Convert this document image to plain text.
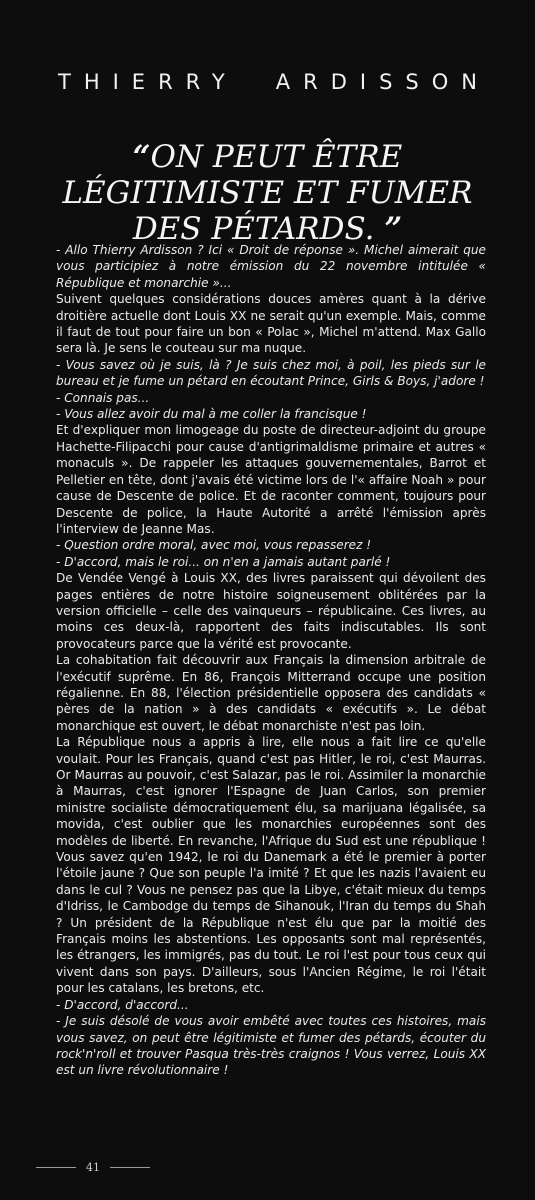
THIERRY ARDISSON
“ON PEUT ÊTRE LÉGITIMISTE ET FUMER DES PÉTARDS. ”

- Allo Thierry Ardisson ? Ici « Droit de réponse ». Michel aimerait que vous participiez à notre émission du 22 novembre intitulée « République et monarchie »...

Suivent quelques considérations douces amères quant à la dérive droitière actuelle dont Louis XX ne serait qu'un exemple. Mais, comme il faut de tout pour faire un bon « Polac », Michel m'attend. Max Gallo sera là. Je sens le couteau sur ma nuque.

- Vous savez où je suis, là ? Je suis chez moi, à poil, les pieds sur le bureau et je fume un pétard en écoutant Prince, Girls & Boys, j'adore !

- Connais pas...

- Vous allez avoir du mal à me coller la francisque !

Et d'expliquer mon limogeage du poste de directeur-adjoint du groupe Hachette-Filipacchi pour cause d'antigrimaldisme primaire et autres « monaculs ». De rappeler les attaques gouvernementales, Barrot et Pelletier en tête, dont j'avais été victime lors de l'« affaire Noah » pour cause de Descente de police. Et de raconter comment, toujours pour Descente de police, la Haute Autorité a arrêté l'émission après l'interview de Jeanne Mas.

- Question ordre moral, avec moi, vous repasserez !

- D'accord, mais le roi... on n'en a jamais autant parlé !

De Vendée Vengé à Louis XX, des livres paraissent qui dévoilent des pages entières de notre histoire soigneusement oblitérées par la version officielle – celle des vainqueurs – républicaine. Ces livres, au moins ces deux-là, rapportent des faits indiscutables. Ils sont provocateurs parce que la vérité est provocante.

La cohabitation fait découvrir aux Français la dimension arbitrale de l'exécutif suprême. En 86, François Mitterrand occupe une position régalienne. En 88, l'élection présidentielle opposera des candidats « pères de la nation » à des candidats « exécutifs ». Le débat monarchique est ouvert, le débat monarchiste n'est pas loin.

La République nous a appris à lire, elle nous a fait lire ce qu'elle voulait. Pour les Français, quand c'est pas Hitler, le roi, c'est Maurras. Or Maurras au pouvoir, c'est Salazar, pas le roi. Assimiler la monarchie à Maurras, c'est ignorer l'Espagne de Juan Carlos, son premier ministre socialiste démocratiquement élu, sa marijuana légalisée, sa movida, c'est oublier que les monarchies européennes sont des modèles de liberté. En revanche, l'Afrique du Sud est une république ! Vous savez qu'en 1942, le roi du Danemark a été le premier à porter l'étoile jaune ? Que son peuple l'a imité ? Et que les nazis l'avaient eu dans le cul ? Vous ne pensez pas que la Libye, c'était mieux du temps d'Idriss, le Cambodge du temps de Sihanouk, l'Iran du temps du Shah ? Un président de la République n'est élu que par la moitié des Français moins les abstentions. Les opposants sont mal représentés, les étrangers, les immigrés, pas du tout. Le roi l'est pour tous ceux qui vivent dans son pays. D'ailleurs, sous l'Ancien Régime, le roi l'était pour les catalans, les bretons, etc.

- D'accord, d'accord...

- Je suis désolé de vous avoir embêté avec toutes ces histoires, mais vous savez, on peut être légitimiste et fumer des pétards, écouter du rock'n'roll et trouver Pasqua très-très craignos ! Vous verrez, Louis XX est un livre révolutionnaire !

41
